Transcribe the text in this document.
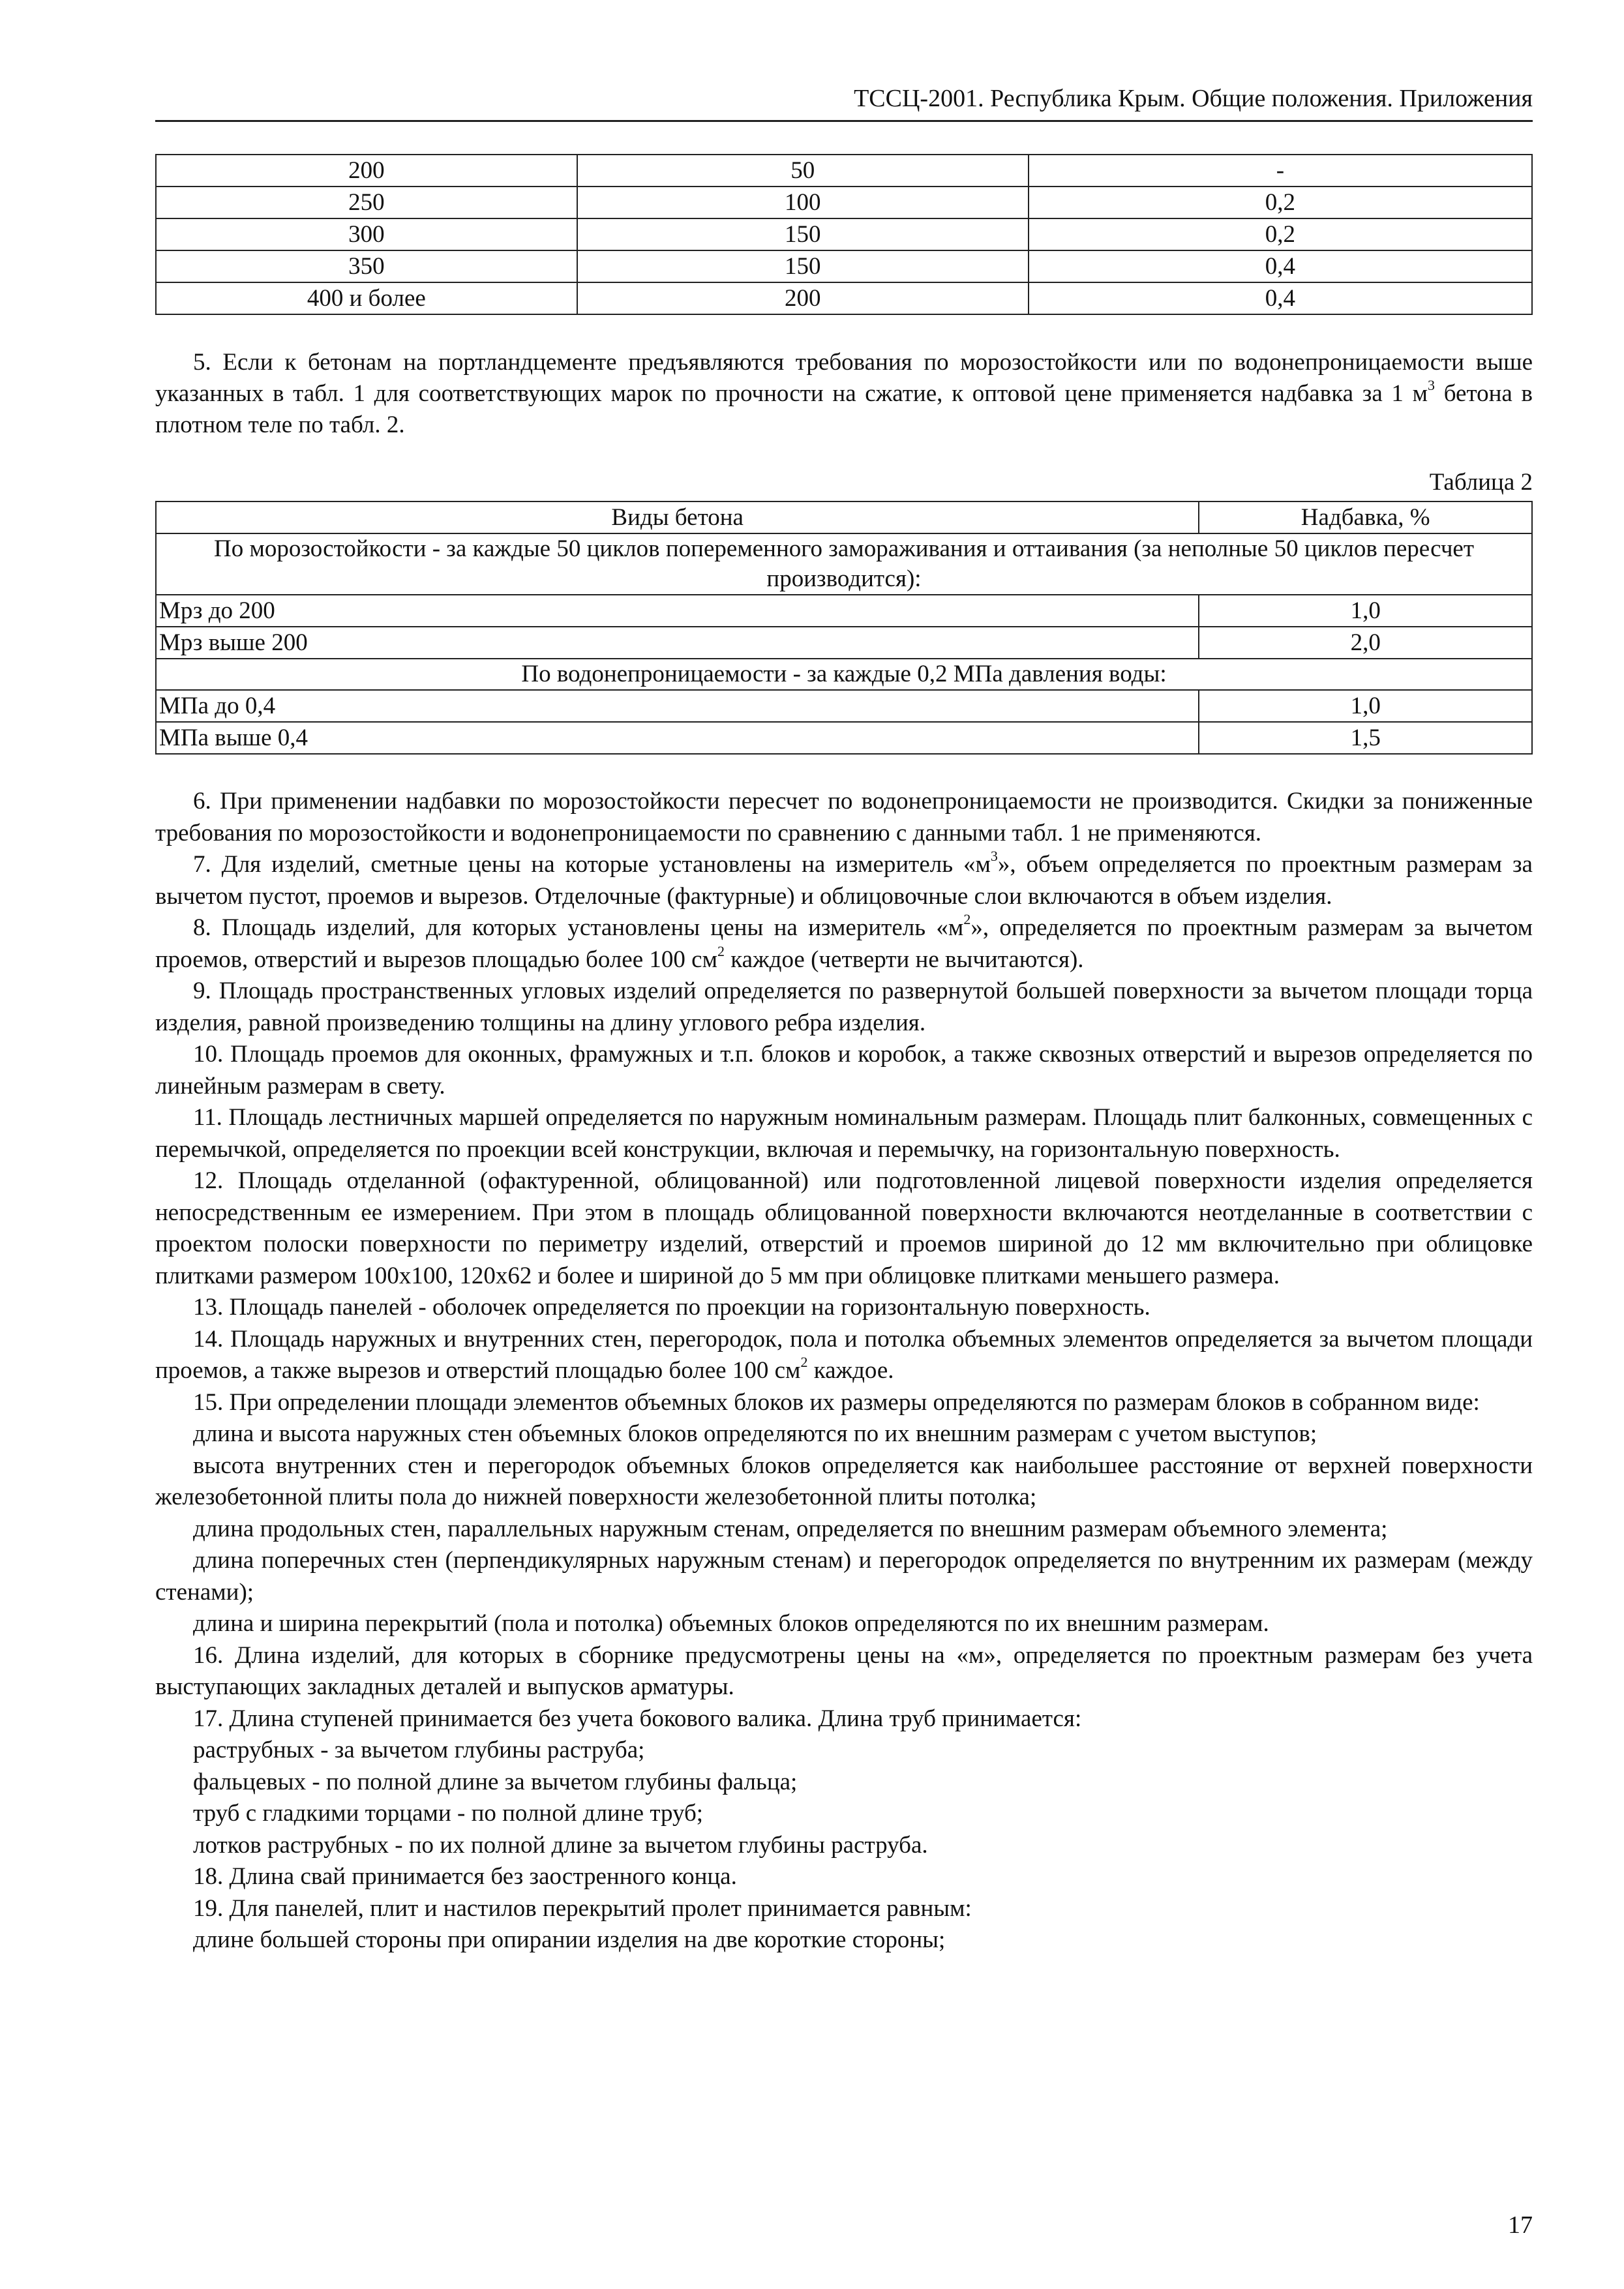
ТССЦ-2001. Республика Крым. Общие положения. Приложения
200	50	-
250	100	0,2
300	150	0,2
350	150	0,4
400 и более	200	0,4
5. Если к бетонам на портландцементе предъявляются требования по морозостойкости или по водонепроницаемости выше указанных в табл. 1 для соответствующих марок по прочности на сжатие, к оптовой цене применяется надбавка за 1 $м^3$ бетона в плотном теле по табл. 2.
Таблица 2
Виды бетона	Надбавка, %
По морозостойкости - за каждые 50 циклов попеременного замораживания и оттаивания (за неполные 50 циклов пересчет производится):	
Мрз до 200	1,0
Мрз выше 200	2,0
По водонепроницаемости - за каждые 0,2 МПа давления воды:	
МПа до 0,4	1,0
МПа выше 0,4	1,5

6. При применении надбавки по морозостойкости пересчет по водонепроницаемости не производится. Скидки за пониженные требования по морозостойкости и водонепроницаемости по сравнению с данными табл. 1 не применяются.

7. Для изделий, сметные цены на которые установлены на измеритель «$м^3$», объем определяется по проектным размерам за вычетом пустот, проемов и вырезов. Отделочные (фактурные) и облицовочные слои включаются в объем изделия.

8. Площадь изделий, для которых установлены цены на измеритель «$м^2$», определяется по проектным размерам за вычетом проемов, отверстий и вырезов площадью более 100 $см^2$ каждое (четверти не вычитаются).

9. Площадь пространственных угловых изделий определяется по развернутой большей поверхности за вычетом площади торца изделия, равной произведению толщины на длину углового ребра изделия.

10. Площадь проемов для оконных, фрамужных и т.п. блоков и коробок, а также сквозных отверстий и вырезов определяется по линейным размерам в свету.

11. Площадь лестничных маршей определяется по наружным номинальным размерам. Площадь плит балконных, совмещенных с перемычкой, определяется по проекции всей конструкции, включая и перемычку, на горизонтальную поверхность.

12. Площадь отделанной (офактуренной, облицованной) или подготовленной лицевой поверхности изделия определяется непосредственным ее измерением. При этом в площадь облицованной поверхности включаются неотделанные в соответствии с проектом полоски поверхности по периметру изделий, отверстий и проемов шириной до 12 мм включительно при облицовке плитками размером 100х100, 120х62 и более и шириной до 5 мм при облицовке плитками меньшего размера.

13. Площадь панелей - оболочек определяется по проекции на горизонтальную поверхность.

14. Площадь наружных и внутренних стен, перегородок, пола и потолка объемных элементов определяется за вычетом площади проемов, а также вырезов и отверстий площадью более 100 $см^2$ каждое.

15. При определении площади элементов объемных блоков их размеры определяются по размерам блоков в собранном виде:

длина и высота наружных стен объемных блоков определяются по их внешним размерам с учетом выступов;

высота внутренних стен и перегородок объемных блоков определяется как наибольшее расстояние от верхней поверхности железобетонной плиты пола до нижней поверхности железобетонной плиты потолка;

длина продольных стен, параллельных наружным стенам, определяется по внешним размерам объемного элемента;

длина поперечных стен (перпендикулярных наружным стенам) и перегородок определяется по внутренним их размерам (между стенами);

длина и ширина перекрытий (пола и потолка) объемных блоков определяются по их внешним размерам.

16. Длина изделий, для которых в сборнике предусмотрены цены на «м», определяется по проектным размерам без учета выступающих закладных деталей и выпусков арматуры.

17. Длина ступеней принимается без учета бокового валика. Длина труб принимается:

раструбных - за вычетом глубины раструба;

фальцевых - по полной длине за вычетом глубины фальца;

труб с гладкими торцами - по полной длине труб;

лотков раструбных - по их полной длине за вычетом глубины раструба.

18. Длина свай принимается без заостренного конца.

19. Для панелей, плит и настилов перекрытий пролет принимается равным:

длине большей стороны при опирании изделия на две короткие стороны;

17
